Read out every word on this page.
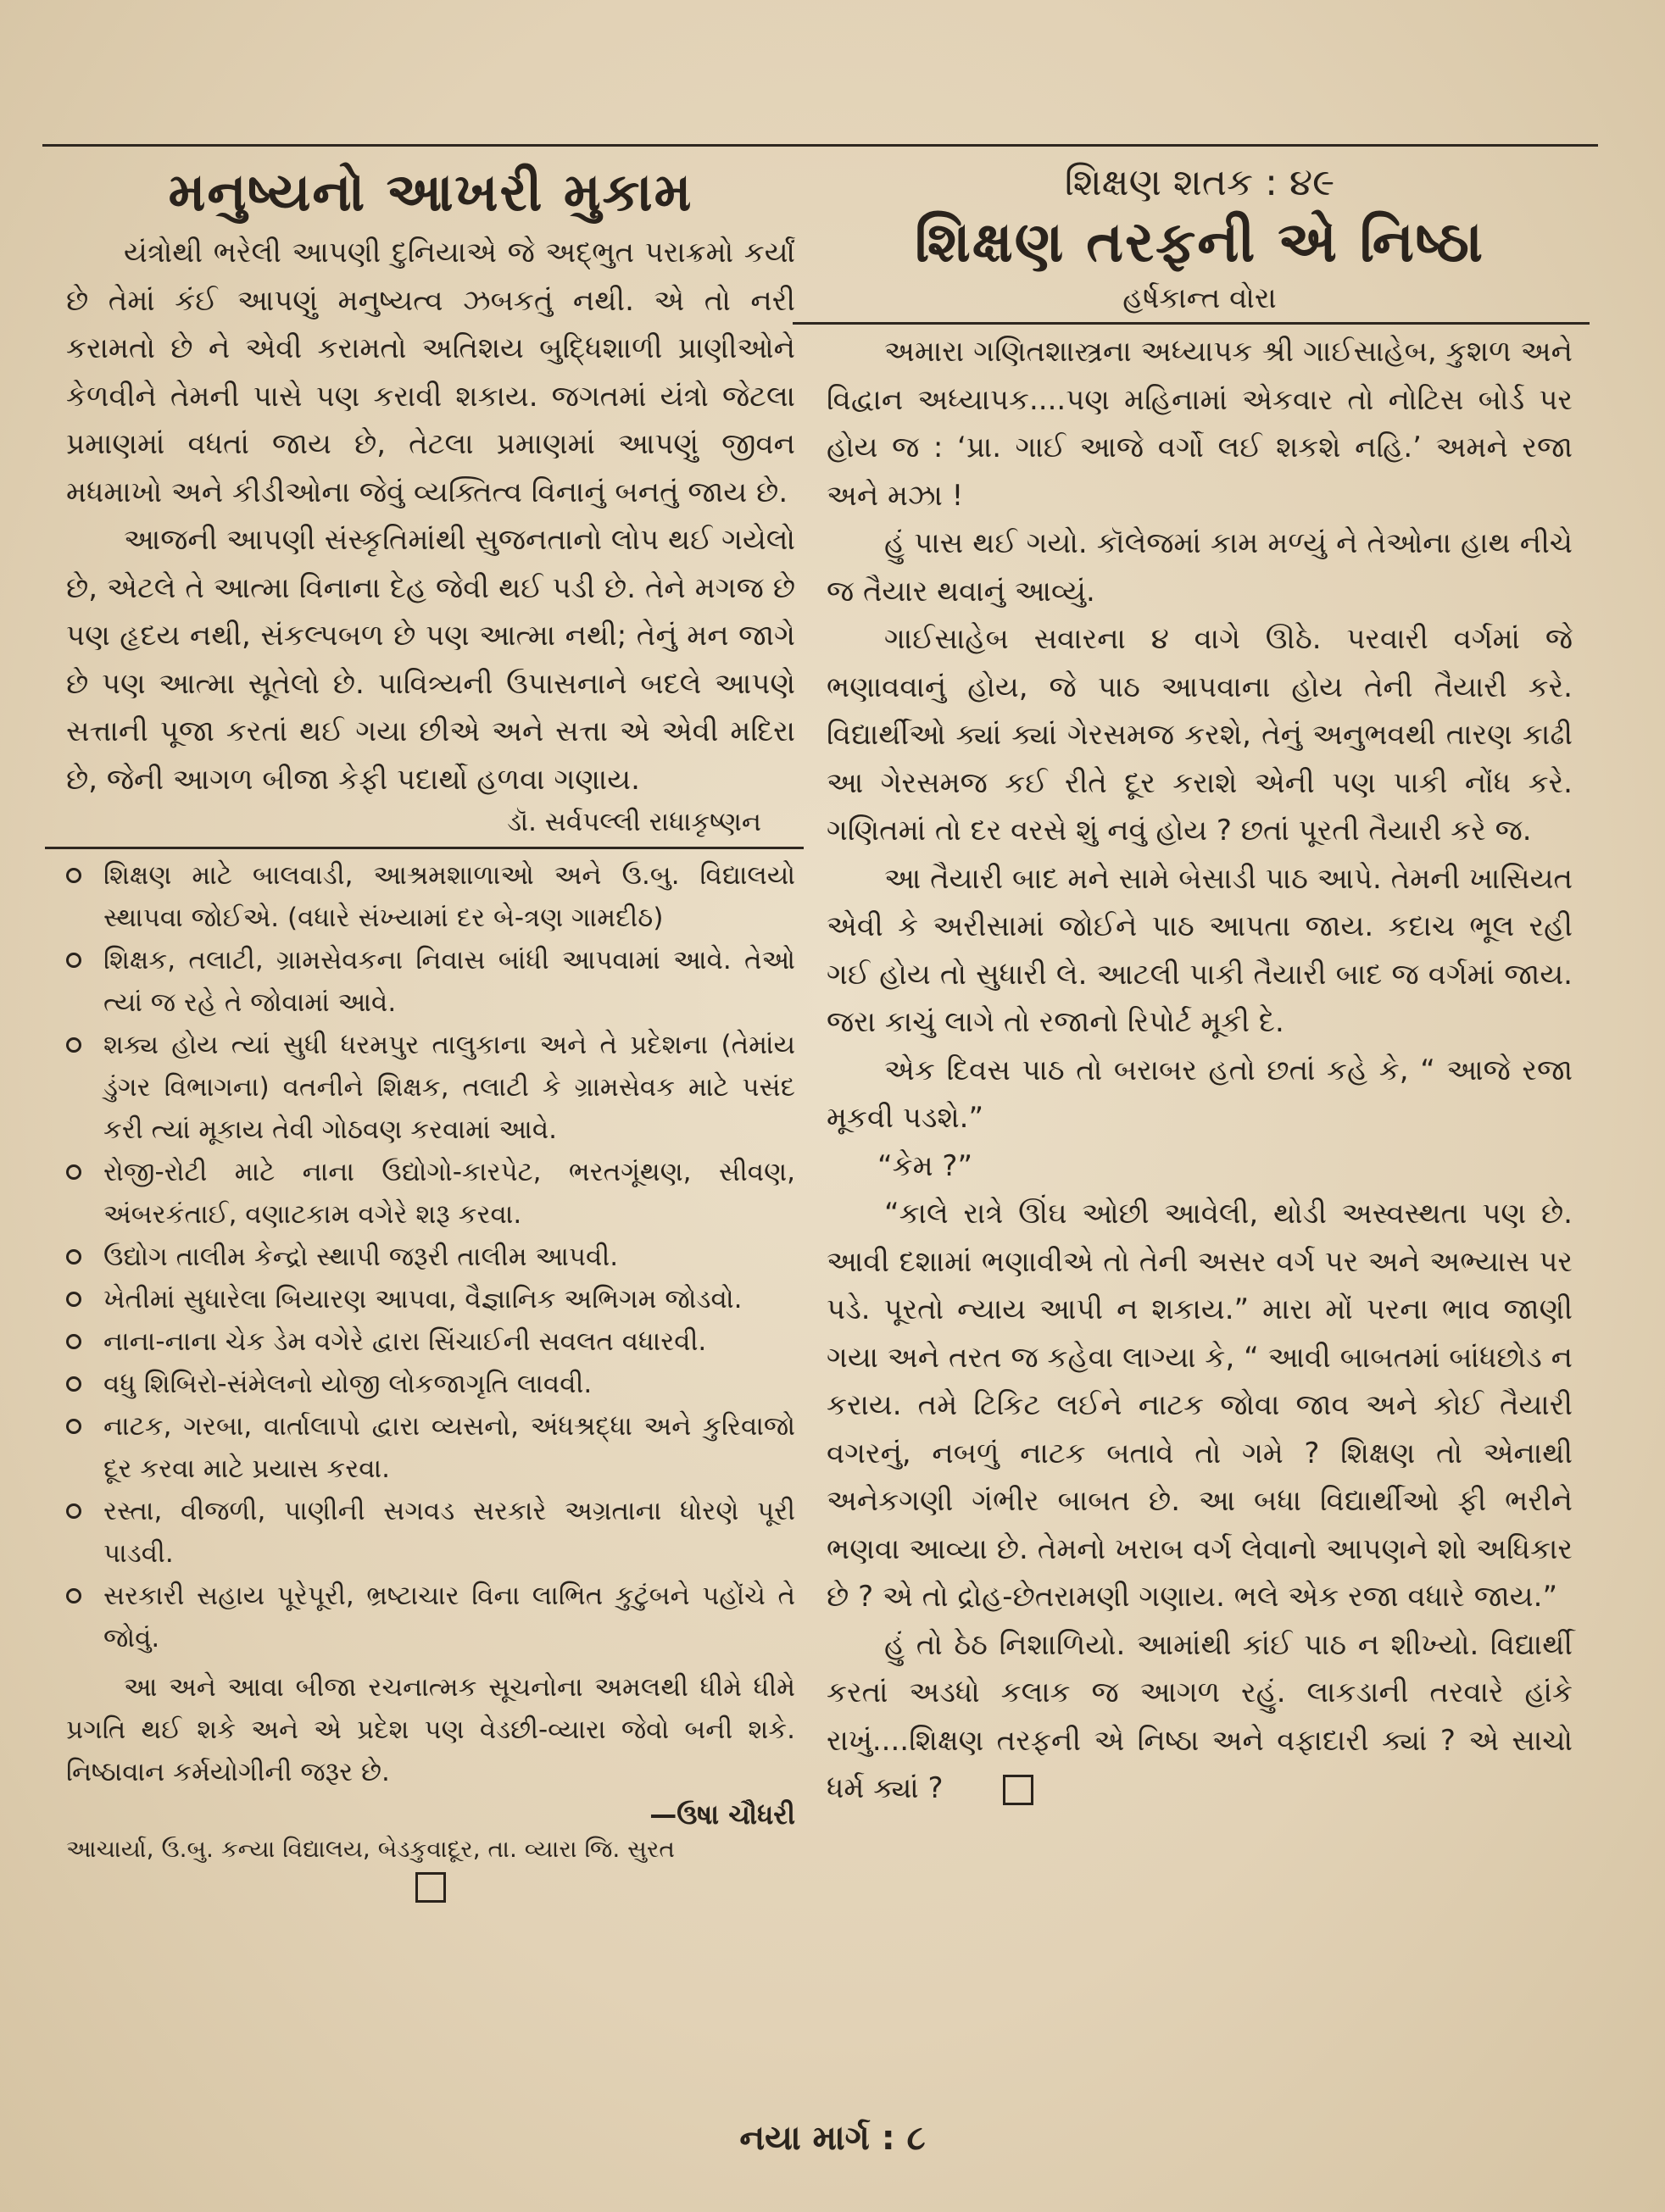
મનુષ્યનો આખરી મુકામ

યંત્રોથી ભરેલી આપણી દુનિયાએ જે અદ્‌ભુત પરાક્રમો કર્યાં છે તેમાં કંઈ આપણું મનુષ્યત્વ ઝબકતું નથી. એ તો નરી કરામતો છે ને એવી કરામતો અતિશય બુદ્ધિશાળી પ્રાણીઓને કેળવીને તેમની પાસે પણ કરાવી શકાય. જગતમાં યંત્રો જેટલા પ્રમાણમાં વધતાં જાય છે, તેટલા પ્રમાણમાં આપણું જીવન મધમાખો અને કીડીઓના જેવું વ્યક્તિત્વ વિનાનું બનતું જાય છે.

આજની આપણી સંસ્કૃતિમાંથી સુજનતાનો લોપ થઈ ગયેલો છે, એટલે તે આત્મા વિનાના દેહ જેવી થઈ પડી છે. તેને મગજ છે પણ હૃદય નથી, સંકલ્પબળ છે પણ આત્મા નથી; તેનું મન જાગે છે પણ આત્મા સૂતેલો છે. પાવિત્ર્યની ઉપાસનાને બદલે આપણે સત્તાની પૂજા કરતાં થઈ ગયા છીએ અને સત્તા એ એવી મદિરા છે, જેની આગળ બીજા કેફી પદાર્થો હળવા ગણાય.

ડૉ. સર્વપલ્લી રાધાકૃષ્ણન

શિક્ષણ માટે બાલવાડી, આશ્રમશાળાઓ અને ઉ.બુ. વિદ્યાલયો સ્થાપવા જોઈએ. (વધારે સંખ્યામાં દર બે-ત્રણ ગામદીઠ)
શિક્ષક, તલાટી, ગ્રામસેવકના નિવાસ બાંધી આપવામાં આવે. તેઓ ત્યાં જ રહે તે જોવામાં આવે.
શક્ય હોય ત્યાં સુધી ધરમપુર તાલુકાના અને તે પ્રદેશના (તેમાંય ડુંગર વિભાગના) વતનીને શિક્ષક, તલાટી કે ગ્રામસેવક માટે પસંદ કરી ત્યાં મૂકાય તેવી ગોઠવણ કરવામાં આવે.
રોજી-રોટી માટે નાના ઉદ્યોગો-કારપેટ, ભરતગૂંથણ, સીવણ, અંબરકંતાઈ, વણાટકામ વગેરે શરૂ કરવા.
ઉદ્યોગ તાલીમ કેન્દ્રો સ્થાપી જરૂરી તાલીમ આપવી.
ખેતીમાં સુધારેલા બિયારણ આપવા, વૈજ્ઞાનિક અભિગમ જોડવો.
નાના-નાના ચેક ડેમ વગેરે દ્વારા સિંચાઈની સવલત વધારવી.
વધુ શિબિરો-સંમેલનો યોજી લોકજાગૃતિ લાવવી.
નાટક, ગરબા, વાર્તાલાપો દ્વારા વ્યસનો, અંધશ્રદ્ધા અને કુરિવાજો દૂર કરવા માટે પ્રયાસ કરવા.
રસ્તા, વીજળી, પાણીની સગવડ સરકારે અગ્રતાના ધોરણે પૂરી પાડવી.
સરકારી સહાય પૂરેપૂરી, ભ્રષ્ટાચાર વિના લાભિત કુટુંબને પહોંચે તે જોવું.

આ અને આવા બીજા રચનાત્મક સૂચનોના અમલથી ધીમે ધીમે પ્રગતિ થઈ શકે અને એ પ્રદેશ પણ વેડછી-વ્યારા જેવો બની શકે. નિષ્ઠાવાન કર્મયોગીની જરૂર છે.

—ઉષા ચૌધરી

આચાર્યા, ઉ.બુ. કન્યા વિદ્યાલય, બેડકુવાદૂર, તા. વ્યારા જિ. સુરત

શિક્ષણ શતક : ૪૯

શિક્ષણ તરફની એ નિષ્ઠા

હર્ષકાન્ત વોરા

અમારા ગણિતશાસ્ત્રના અધ્યાપક શ્રી ગાઈસાહેબ, કુશળ અને વિદ્વાન અધ્યાપક....પણ મહિનામાં એકવાર તો નોટિસ બોર્ડ પર હોય જ : ‘પ્રા. ગાઈ આજે વર્ગો લઈ શકશે નહિ.’ અમને રજા અને મઝા !

હું પાસ થઈ ગયો. કૉલેજમાં કામ મળ્યું ને તેઓના હાથ નીચે જ તૈયાર થવાનું આવ્યું.

ગાઈસાહેબ સવારના ૪ વાગે ઊઠે. પરવારી વર્ગમાં જે ભણાવવાનું હોય, જે પાઠ આપવાના હોય તેની તૈયારી કરે. વિદ્યાર્થીઓ ક્યાં ક્યાં ગેરસમજ કરશે, તેનું અનુભવથી તારણ કાઢી આ ગેરસમજ કઈ રીતે દૂર કરાશે એની પણ પાકી નોંધ કરે. ગણિતમાં તો દર વરસે શું નવું હોય ? છતાં પૂરતી તૈયારી કરે જ.

આ તૈયારી બાદ મને સામે બેસાડી પાઠ આપે. તેમની ખાસિયત એવી કે અરીસામાં જોઈને પાઠ આપતા જાય. કદાચ ભૂલ રહી ગઈ હોય તો સુધારી લે. આટલી પાકી તૈયારી બાદ જ વર્ગમાં જાય. જરા કાચું લાગે તો રજાનો રિપોર્ટ મૂકી દે.

એક દિવસ પાઠ તો બરાબર હતો છતાં કહે કે, “ આજે રજા મૂકવી પડશે.”

“કેમ ?”

“કાલે રાત્રે ઊંઘ ઓછી આવેલી, થોડી અસ્વસ્થતા પણ છે. આવી દશામાં ભણાવીએ તો તેની અસર વર્ગ પર અને અભ્યાસ પર પડે. પૂરતો ન્યાય આપી ન શકાય.” મારા મોં પરના ભાવ જાણી ગયા અને તરત જ કહેવા લાગ્યા કે, “ આવી બાબતમાં બાંધછોડ ન કરાય. તમે ટિકિટ લઈને નાટક જોવા જાવ અને કોઈ તૈયારી વગરનું, નબળું નાટક બતાવે તો ગમે ? શિક્ષણ તો એનાથી અનેકગણી ગંભીર બાબત છે. આ બધા વિદ્યાર્થીઓ ફી ભરીને ભણવા આવ્યા છે. તેમનો ખરાબ વર્ગ લેવાનો આપણને શો અધિકાર છે ? એ તો દ્રોહ-છેતરામણી ગણાય. ભલે એક રજા વધારે જાય.”

હું તો ઠેઠ નિશાળિયો. આમાંથી કાંઈ પાઠ ન શીખ્યો. વિદ્યાર્થી કરતાં અડધો કલાક જ આગળ રહું. લાકડાની તરવારે હાંકે રાખું....શિક્ષણ તરફની એ નિષ્ઠા અને વફાદારી ક્યાં ? એ સાચો ધર્મ ક્યાં ?

નયા માર્ગ : ૮
